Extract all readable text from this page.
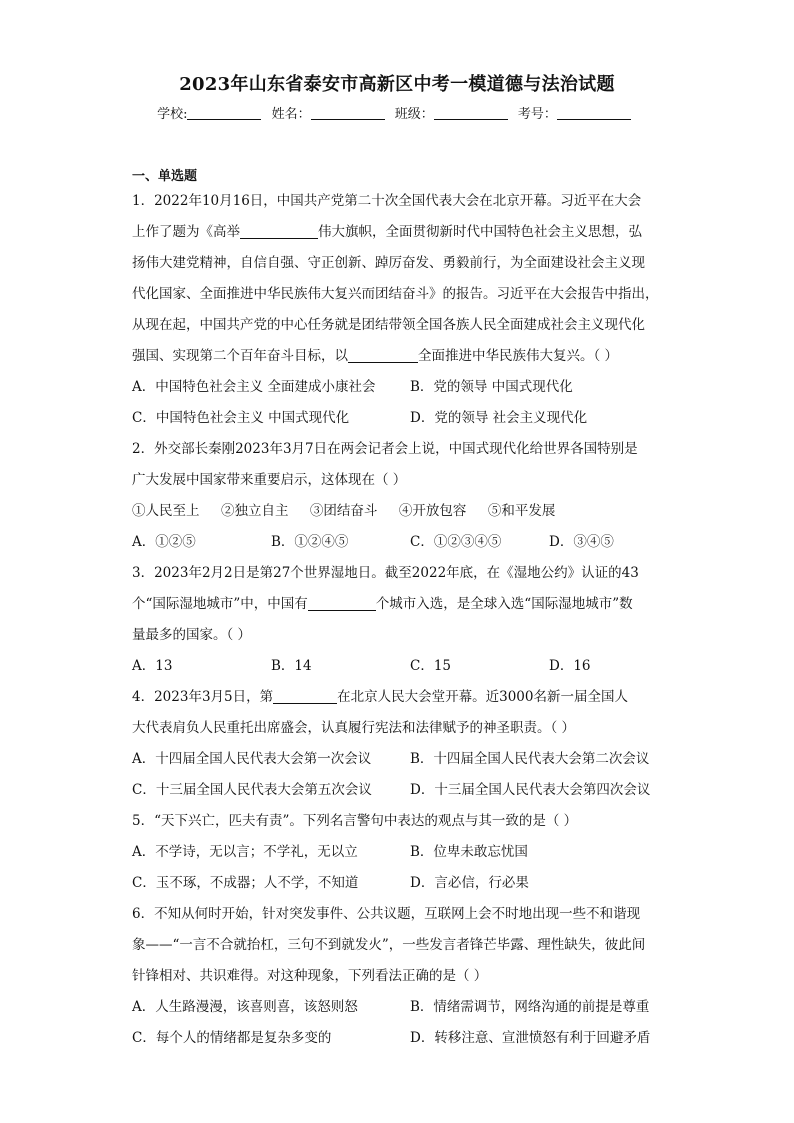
2023年山东省泰安市高新区中考一模道德与法治试题
学校:	姓名：	班级：	考号：
一、单选题
1．2022年10月16日，中国共产党第二十次全国代表大会在北京开幕。习近平在大会
上作了题为《高举	伟大旗帜，全面贯彻新时代中国特色社会主义思想，弘
扬伟大建党精神，自信自强、守正创新、踔厉奋发、勇毅前行，为全面建设社会主义现
代化国家、全面推进中华民族伟大复兴而团结奋斗》的报告。习近平在大会报告中指出，
从现在起，中国共产党的中心任务就是团结带领全国各族人民全面建成社会主义现代化
强国、实现第二个百年奋斗目标，以	全面推进中华民族伟大复兴。（ ）
A．中国特色社会主义 全面建成小康社会	B．党的领导 中国式现代化
C．中国特色社会主义 中国式现代化	D．党的领导 社会主义现代化
2．外交部长秦刚2023年3月7日在两会记者会上说，中国式现代化给世界各国特别是
广大发展中国家带来重要启示，这体现在（ ）
①人民至上     ②独立自主     ③团结奋斗     ④开放包容     ⑤和平发展
A．①②⑤	B．①②④⑤	C．①②③④⑤	D．③④⑤
3．2023年2月2日是第27个世界湿地日。截至2022年底，在《湿地公约》认证的43
个“国际湿地城市”中，中国有	个城市入选，是全球入选“国际湿地城市”数
量最多的国家。（ ）
A．13	B．14	C．15	D．16
4．2023年3月5日，第	在北京人民大会堂开幕。近3000名新一届全国人
大代表肩负人民重托出席盛会，认真履行宪法和法律赋予的神圣职责。（ ）
A．十四届全国人民代表大会第一次会议	B．十四届全国人民代表大会第二次会议
C．十三届全国人民代表大会第五次会议	D．十三届全国人民代表大会第四次会议
5．“天下兴亡，匹夫有责”。下列名言警句中表达的观点与其一致的是（ ）
A．不学诗，无以言；不学礼，无以立	B．位卑未敢忘忧国
C．玉不琢，不成器；人不学，不知道	D．言必信，行必果
6．不知从何时开始，针对突发事件、公共议题，互联网上会不时地出现一些不和谐现
象——“一言不合就抬杠，三句不到就发火”，一些发言者锋芒毕露、理性缺失，彼此间
针锋相对、共识难得。对这种现象，下列看法正确的是（ ）
A．人生路漫漫，该喜则喜，该怒则怒	B．情绪需调节，网络沟通的前提是尊重
C．每个人的情绪都是复杂多变的	D．转移注意、宣泄愤怒有利于回避矛盾
